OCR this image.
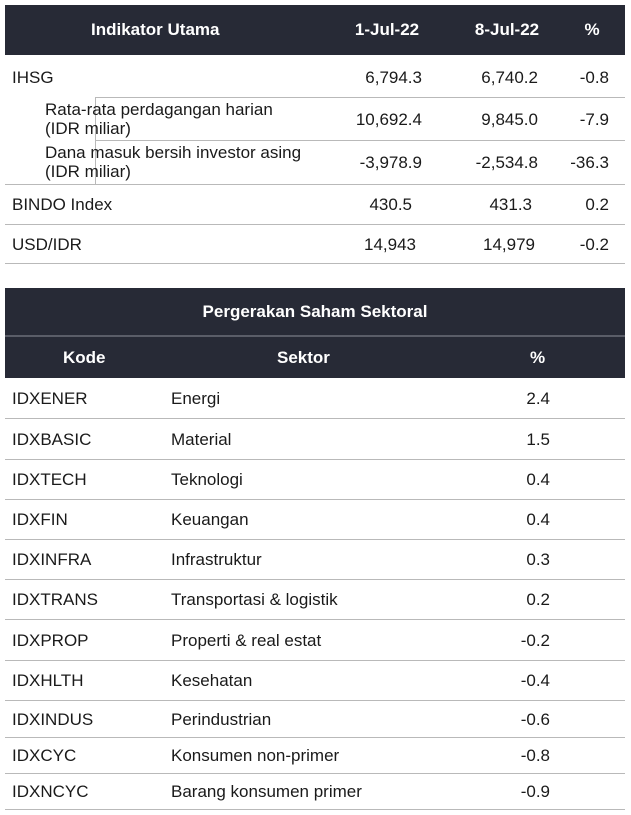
Indikator Utama	1-Jul-22	8-Jul-22	%
IHSG	6,794.3	6,740.2	-0.8
Rata-rata perdagangan harian
(IDR miliar)	10,692.4	9,845.0	-7.9
Dana masuk bersih investor asing
(IDR miliar)	-3,978.9	-2,534.8	-36.3
BINDO Index	430.5	431.3	0.2
USD/IDR	14,943	14,979	-0.2
Pergerakan Saham Sektoral
Kode	Sektor	%
IDXENER	Energi	2.4
IDXBASIC	Material	1.5
IDXTECH	Teknologi	0.4
IDXFIN	Keuangan	0.4
IDXINFRA	Infrastruktur	0.3
IDXTRANS	Transportasi & logistik	0.2
IDXPROP	Properti & real estat	-0.2
IDXHLTH	Kesehatan	-0.4
IDXINDUS	Perindustrian	-0.6
IDXCYC	Konsumen non-primer	-0.8
IDXNCYC	Barang konsumen primer	-0.9
